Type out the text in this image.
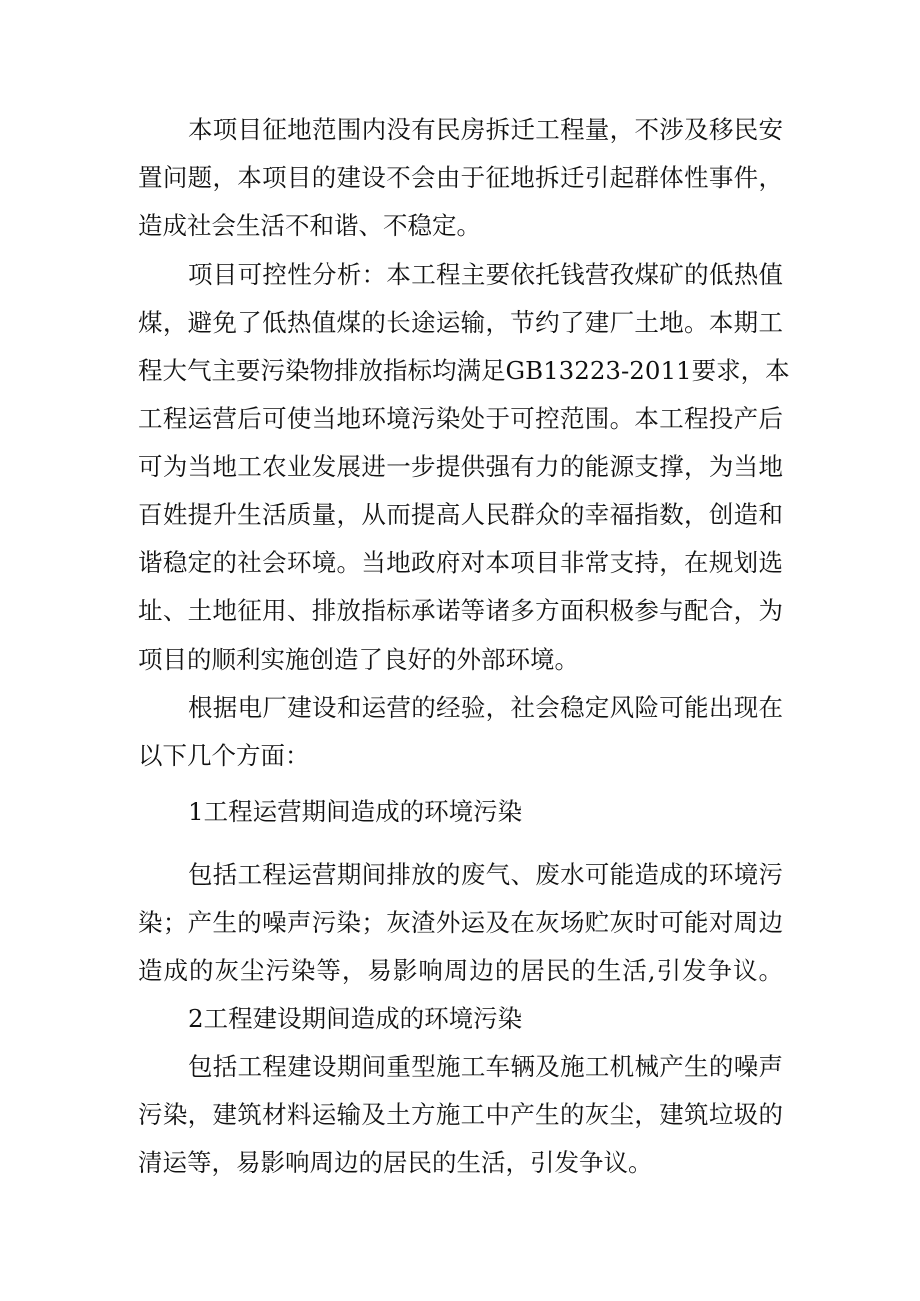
本项目征地范围内没有民房拆迁工程量，不涉及移民安
置问题，本项目的建设不会由于征地拆迁引起群体性事件，
造成社会生活不和谐、不稳定。
项目可控性分析：本工程主要依托钱营孜煤矿的低热值
煤，避免了低热值煤的长途运输，节约了建厂土地。本期工
程大气主要污染物排放指标均满足GB13223-2011要求，本
工程运营后可使当地环境污染处于可控范围。本工程投产后
可为当地工农业发展进一步提供强有力的能源支撑，为当地
百姓提升生活质量，从而提高人民群众的幸福指数，创造和
谐稳定的社会环境。当地政府对本项目非常支持，在规划选
址、土地征用、排放指标承诺等诸多方面积极参与配合，为
项目的顺利实施创造了良好的外部环境。
根据电厂建设和运营的经验，社会稳定风险可能出现在
以下几个方面：
1工程运营期间造成的环境污染
包括工程运营期间排放的废气、废水可能造成的环境污
染；产生的噪声污染；灰渣外运及在灰场贮灰时可能对周边
造成的灰尘污染等，易影响周边的居民的生活,引发争议。
2工程建设期间造成的环境污染
包括工程建设期间重型施工车辆及施工机械产生的噪声
污染，建筑材料运输及土方施工中产生的灰尘，建筑垃圾的
清运等，易影响周边的居民的生活，引发争议。
